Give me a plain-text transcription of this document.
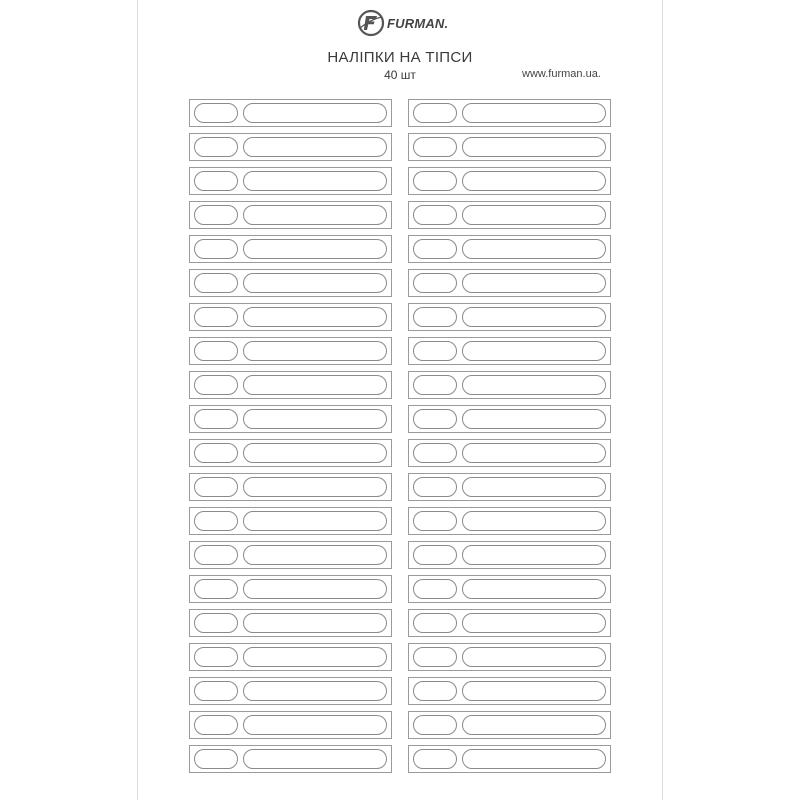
FURMAN.
НАЛІПКИ НА ТІПСИ
40 шт	www.furman.ua.
